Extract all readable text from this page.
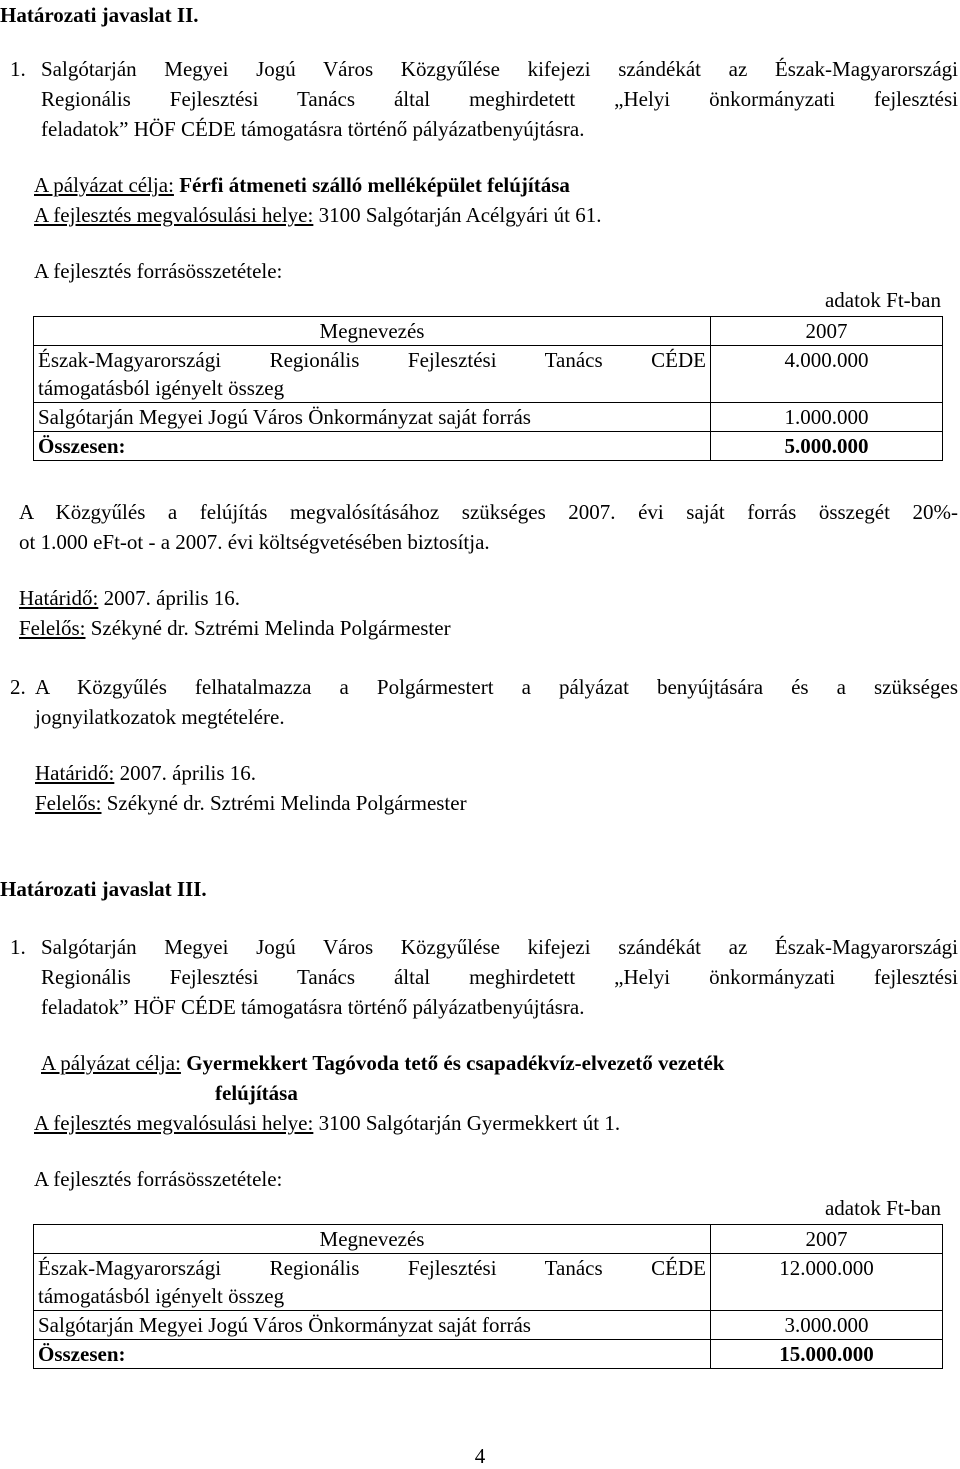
Határozati javaslat II.
1. Salgótarján Megyei Jogú Város Közgyűlése kifejezi szándékát az Észak-Magyarországi
Regionális Fejlesztési Tanács által meghirdetett „Helyi önkormányzati fejlesztési
feladatok” HÖF CÉDE támogatásra történő pályázatbenyújtásra.
A pályázat célja: Férfi átmeneti szálló melléképület felújítása
A fejlesztés megvalósulási helye: 3100 Salgótarján Acélgyári út 61.
A fejlesztés forrásösszetétele:
adatok Ft-ban
Megnevezés	2007

Észak-Magyarországi Regionális Fejlesztési Tanács CÉDE
támogatásból igényelt összeg	4.000.000
Salgótarján Megyei Jogú Város Önkormányzat saját forrás	1.000.000
Összesen:	5.000.000
A Közgyűlés a felújítás megvalósításához szükséges 2007. évi saját forrás összegét 20%-
ot 1.000 eFt-ot - a 2007. évi költségvetésében biztosítja.
Határidő: 2007. április 16.
Felelős: Székyné dr. Sztrémi Melinda Polgármester
2. A Közgyűlés felhatalmazza a Polgármestert a pályázat benyújtására és a szükséges
jognyilatkozatok megtételére.
Határidő: 2007. április 16.
Felelős: Székyné dr. Sztrémi Melinda Polgármester
Határozati javaslat III.
1. Salgótarján Megyei Jogú Város Közgyűlése kifejezi szándékát az Észak-Magyarországi
Regionális Fejlesztési Tanács által meghirdetett „Helyi önkormányzati fejlesztési
feladatok” HÖF CÉDE támogatásra történő pályázatbenyújtásra.
A pályázat célja: Gyermekkert Tagóvoda tető és csapadékvíz-elvezető vezeték
felújítása
A fejlesztés megvalósulási helye: 3100 Salgótarján Gyermekkert út 1.
A fejlesztés forrásösszetétele:
adatok Ft-ban
Megnevezés	2007

Észak-Magyarországi Regionális Fejlesztési Tanács CÉDE
támogatásból igényelt összeg	12.000.000
Salgótarján Megyei Jogú Város Önkormányzat saját forrás	3.000.000
Összesen:	15.000.000
4
